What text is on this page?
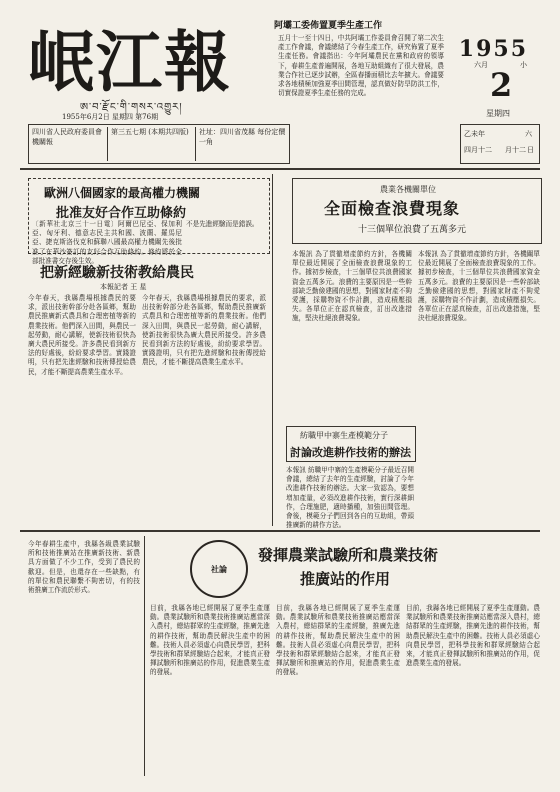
岷江報
ཨ་བ་རྫོང་གི་གསར་འགྱུར།
1955年6月2日 星期四 第76期
四川省人民政府委員會機關報
第三五七期 (本期共四版)	社址：四川省茂縣 每份定價一角
阿壩工委佈置夏季生產工作
五月十一至十四日，中共阿壩工作委員會召開了第二次生產工作會議，會議總結了今春生產工作，研究佈置了夏季生產任務。會議指出：今年阿壩農民在黨和政府的領導下，春耕生產普遍開展，各地互助組織有了很大發展，農業合作社已逐步試辦，全區春播面積比去年擴大。會議要求各地積極加強夏季田間管理，認真做好防旱防洪工作，切實保證夏季生產任務的完成。
1955
六月	小
2
星期四
乙未年
四月十二
六
月十二 日
歐洲八個國家的最高權力機關
批准友好合作互助條約
〔新華社北京三十一日電〕阿爾巴尼亞、保加利亞、匈牙利、德意志民主共和國、波蘭、羅馬尼亞、捷克斯洛伐克和蘇聯八國最高權力機關先後批准了在華沙簽訂的友好合作互助條約。條約將於全部批准書交存後生效。
不是先進經驗而是錯誤。
把新經驗新技術教給農民
本報記者 王 星
今年春天，我縣農場根據農民的要求，派出技術幹部分赴各區鄉，幫助農民推廣新式農具和合理密植等新的農業技術。他們深入田間，與農民一起勞動，耐心講解，使新技術很快為廣大農民所接受。許多農民看到新方法的好處後，紛紛要求學習。實踐證明，只有把先進經驗和技術傳授給農民，才能不斷提高農業生產水平。
今年春天，我縣農場根據農民的要求，派出技術幹部分赴各區鄉，幫助農民推廣新式農具和合理密植等新的農業技術。他們深入田間，與農民一起勞動，耐心講解，使新技術很快為廣大農民所接受。許多農民看到新方法的好處後，紛紛要求學習。實踐證明，只有把先進經驗和技術傳授給農民，才能不斷提高農業生產水平。
農業各機關單位
全面檢查浪費現象
十三個單位浪費了五萬多元
本報訊 為了貫徹增產節約方針，各機關單位最近開展了全面檢查浪費現象的工作。據初步檢查，十三個單位共浪費國家資金五萬多元。浪費的主要原因是一些幹部缺乏勤儉建國的思想，對國家財產不夠愛護，採購物資不作計劃，造成積壓損失。各單位正在認真檢查，訂出改進措施，堅決杜絕浪費現象。
本報訊 為了貫徹增產節約方針，各機關單位最近開展了全面檢查浪費現象的工作。據初步檢查，十三個單位共浪費國家資金五萬多元。浪費的主要原因是一些幹部缺乏勤儉建國的思想，對國家財產不夠愛護，採購物資不作計劃，造成積壓損失。各單位正在認真檢查，訂出改進措施，堅決杜絕浪費現象。
紡職甲中寨生產模範分子
討論改進耕作技術的辦法
本報訊 紡職甲中寨的生產模範分子最近召開會議，總結了去年的生產經驗，討論了今年改進耕作技術的辦法。大家一致認為，要想增加產量，必須改進耕作技術，實行深耕細作，合理施肥，適時播種，加強田間管理。會後，模範分子們回到各自的互助組，帶頭推廣新的耕作方法。
今年春耕生產中，我縣各級農業試驗所和技術推廣站在推廣新技術、新農具方面做了不少工作，受到了農民的歡迎。但是，也還存在一些缺點，有的單位和農民聯繫不夠密切，有的技術推廣工作流於形式。
社論
發揮農業試驗所和農業技術
推廣站的作用
目前，我縣各地已經開展了夏季生產運動。農業試驗所和農業技術推廣站應當深入農村，總結群眾的生產經驗，推廣先進的耕作技術，幫助農民解決生產中的困難。技術人員必須虛心向農民學習，把科學技術和群眾經驗結合起來，才能真正發揮試驗所和推廣站的作用，促進農業生產的發展。
目前，我縣各地已經開展了夏季生產運動。農業試驗所和農業技術推廣站應當深入農村，總結群眾的生產經驗，推廣先進的耕作技術，幫助農民解決生產中的困難。技術人員必須虛心向農民學習，把科學技術和群眾經驗結合起來，才能真正發揮試驗所和推廣站的作用，促進農業生產的發展。
目前，我縣各地已經開展了夏季生產運動。農業試驗所和農業技術推廣站應當深入農村，總結群眾的生產經驗，推廣先進的耕作技術，幫助農民解決生產中的困難。技術人員必須虛心向農民學習，把科學技術和群眾經驗結合起來，才能真正發揮試驗所和推廣站的作用，促進農業生產的發展。
